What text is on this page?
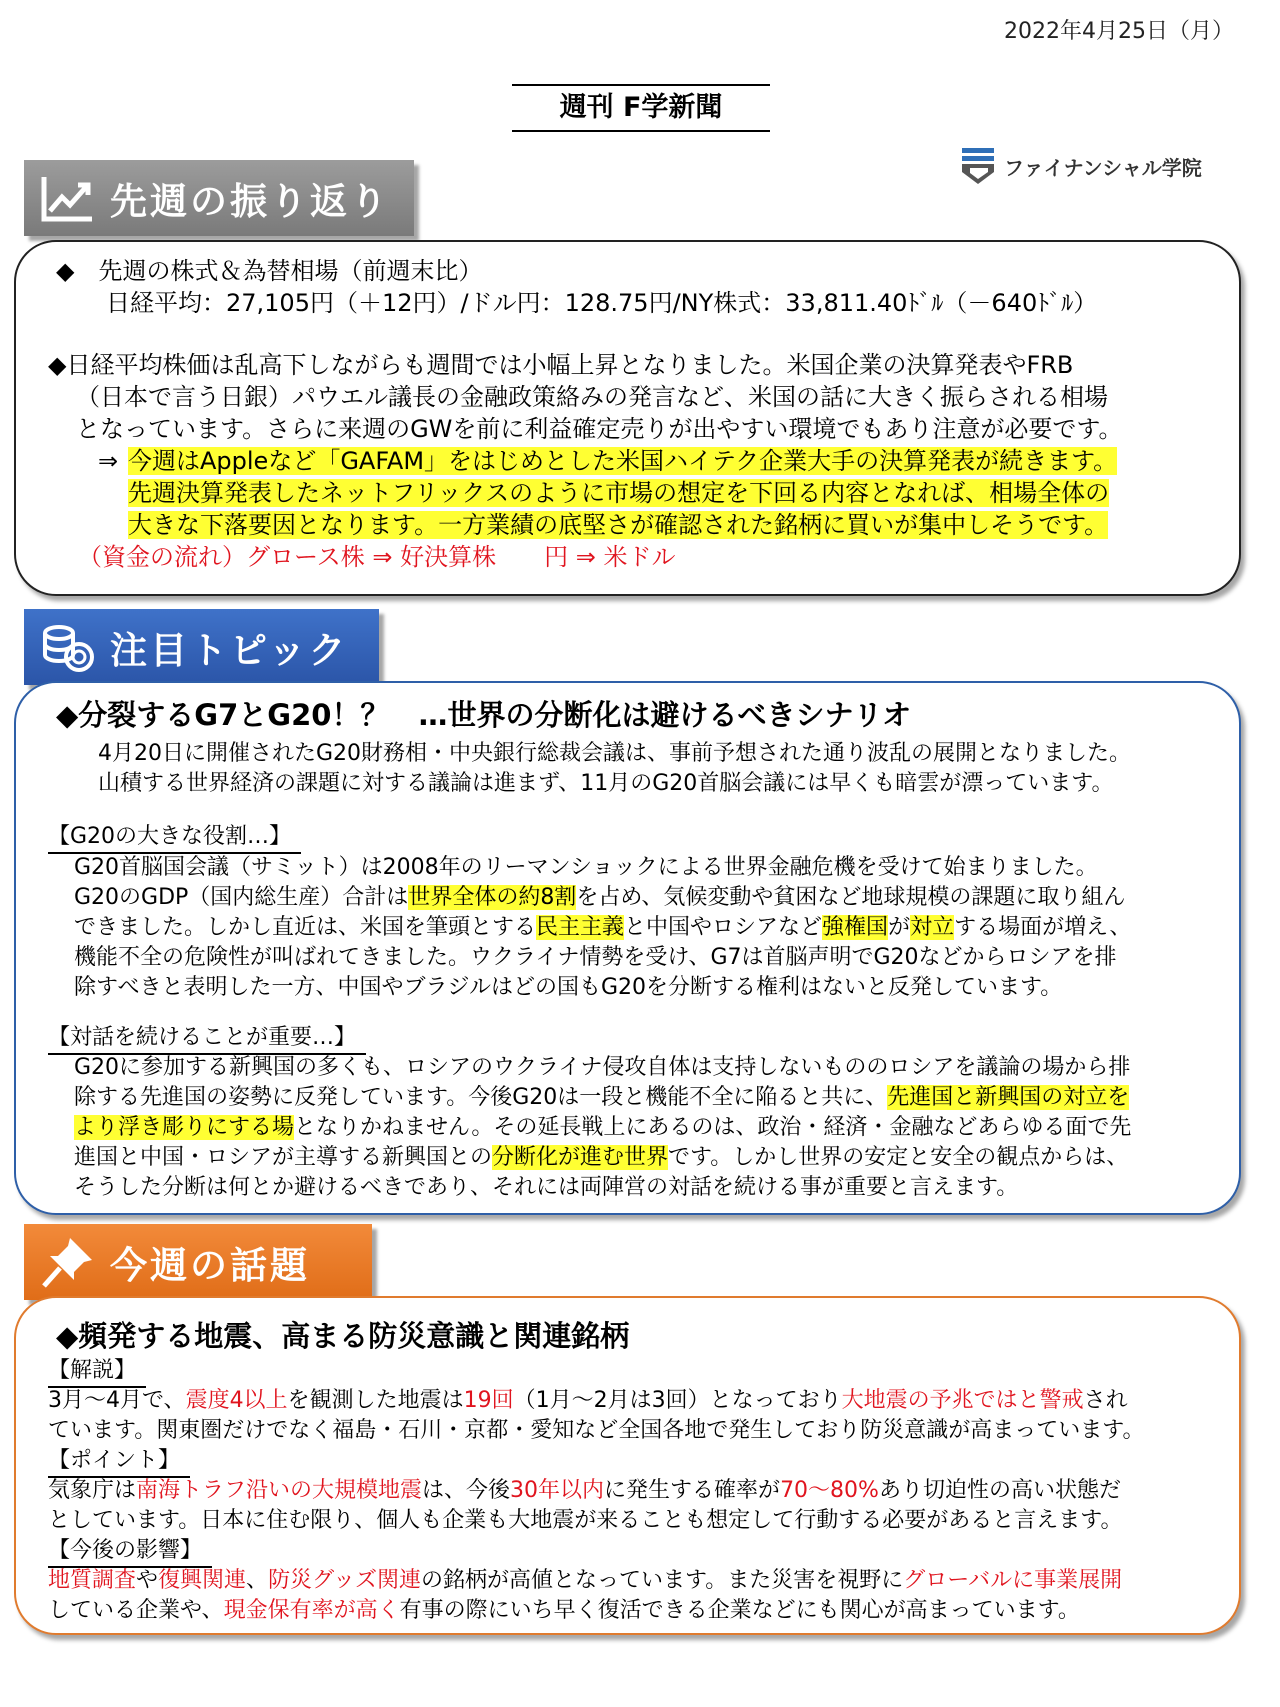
2022年4月25日（月）
週刊 F学新聞
ファイナンシャル学院
先週の振り返り
◆　先週の株式＆為替相場（前週末比）
日経平均：27,105円（＋12円）/ドル円：128.75円/NY株式：33,811.40ﾄﾞﾙ（－640ﾄﾞﾙ）
◆日経平均株価は乱高下しながらも週間では小幅上昇となりました。米国企業の決算発表やFRB
（日本で言う日銀）パウエル議長の金融政策絡みの発言など、米国の話に大きく振らされる相場
となっています。さらに来週のGWを前に利益確定売りが出やすい環境でもあり注意が必要です。
⇒ 今週はAppleなど「GAFAM」をはじめとした米国ハイテク企業大手の決算発表が続きます。
先週決算発表したネットフリックスのように市場の想定を下回る内容となれば、相場全体の
大きな下落要因となります。一方業績の底堅さが確認された銘柄に買いが集中しそうです。
（資金の流れ）グロース株 ⇒ 好決算株　　円 ⇒ 米ドル
注目トピック
◆分裂するG7とG20！？　…世界の分断化は避けるべきシナリオ
4月20日に開催されたG20財務相・中央銀行総裁会議は、事前予想された通り波乱の展開となりました。
山積する世界経済の課題に対する議論は進まず、11月のG20首脳会議には早くも暗雲が漂っています。
【G20の大きな役割…】
G20首脳国会議（サミット）は2008年のリーマンショックによる世界金融危機を受けて始まりました。
G20のGDP（国内総生産）合計は世界全体の約8割を占め、気候変動や貧困など地球規模の課題に取り組ん
できました。しかし直近は、米国を筆頭とする民主主義と中国やロシアなど強権国が対立する場面が増え、
機能不全の危険性が叫ばれてきました。ウクライナ情勢を受け、G7は首脳声明でG20などからロシアを排
除すべきと表明した一方、中国やブラジルはどの国もG20を分断する権利はないと反発しています。
【対話を続けることが重要…】
G20に参加する新興国の多くも、ロシアのウクライナ侵攻自体は支持しないもののロシアを議論の場から排
除する先進国の姿勢に反発しています。今後G20は一段と機能不全に陥ると共に、先進国と新興国の対立を
より浮き彫りにする場となりかねません。その延長戦上にあるのは、政治・経済・金融などあらゆる面で先
進国と中国・ロシアが主導する新興国との分断化が進む世界です。しかし世界の安定と安全の観点からは、
そうした分断は何とか避けるべきであり、それには両陣営の対話を続ける事が重要と言えます。
今週の話題
◆頻発する地震、高まる防災意識と関連銘柄
【解説】
3月～4月で、震度4以上を観測した地震は19回（1月～2月は3回）となっており大地震の予兆ではと警戒され
ています。関東圏だけでなく福島・石川・京都・愛知など全国各地で発生しており防災意識が高まっています。
【ポイント】
気象庁は南海トラフ沿いの大規模地震は、今後30年以内に発生する確率が70～80%あり切迫性の高い状態だ
としています。日本に住む限り、個人も企業も大地震が来ることも想定して行動する必要があると言えます。
【今後の影響】
地質調査や復興関連、防災グッズ関連の銘柄が高値となっています。また災害を視野にグローバルに事業展開
している企業や、現金保有率が高く有事の際にいち早く復活できる企業などにも関心が高まっています。
